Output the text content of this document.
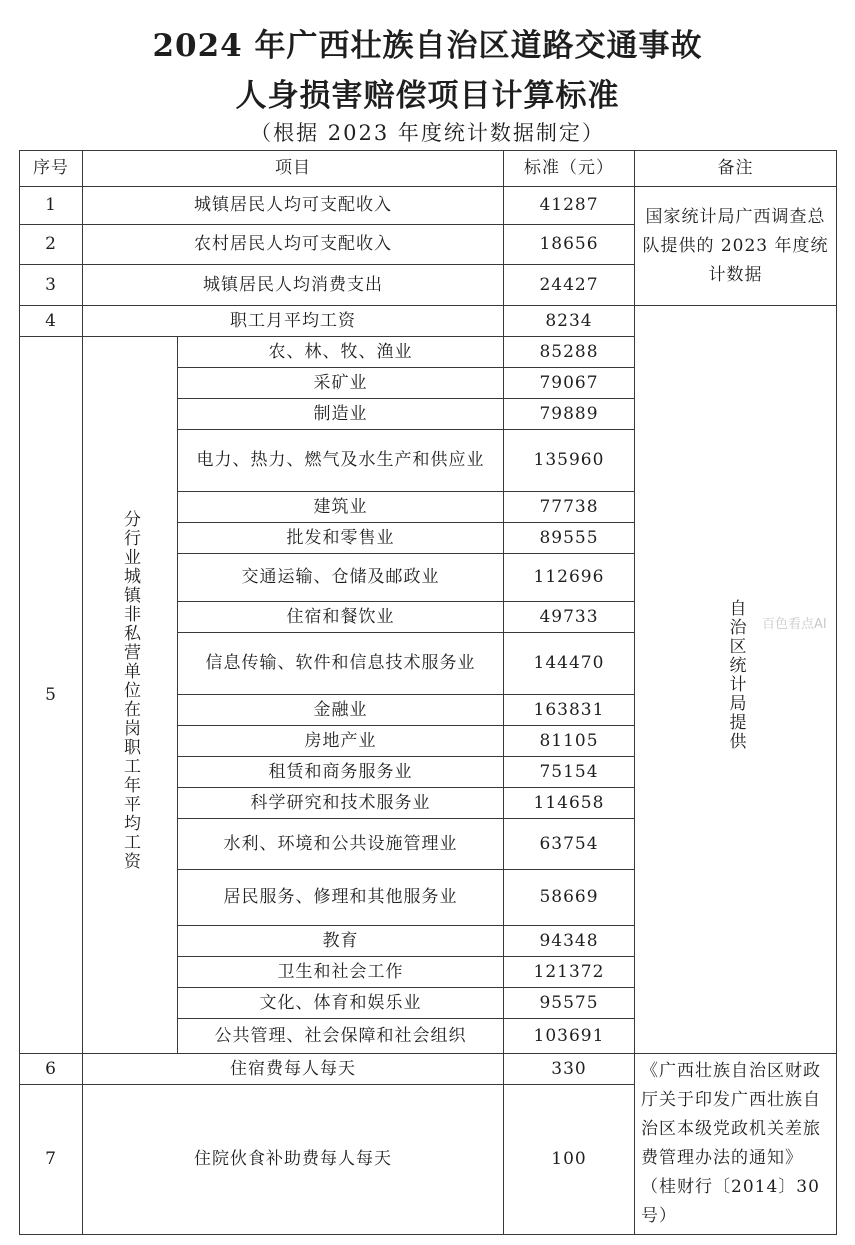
2024 年广西壮族自治区道路交通事故
人身损害赔偿项目计算标准
（根据 2023 年度统计数据制定）
序号	项目		标准（元）	备注
1	城镇居民人均可支配收入		41287	国家统计局广西调查总队提供的 2023 年度统计数据
2	农村居民人均可支配收入		18656	
3	城镇居民人均消费支出		24427	
4	职工月平均工资		8234	自治区统计局提供
5	分行业城镇非私营单位在岗职工年平均工资	农、林、牧、渔业	85288	
		采矿业	79067	
		制造业	79889	
		电力、热力、燃气及水生产和供应业	135960	
		建筑业	77738	
		批发和零售业	89555	
		交通运输、仓储及邮政业	112696	
		住宿和餐饮业	49733	
		信息传输、软件和信息技术服务业	144470	
		金融业	163831	
		房地产业	81105	
		租赁和商务服务业	75154	
		科学研究和技术服务业	114658	
		水利、环境和公共设施管理业	63754	
		居民服务、修理和其他服务业	58669	
		教育	94348	
		卫生和社会工作	121372	
		文化、体育和娱乐业	95575	
		公共管理、社会保障和社会组织	103691	
6	住宿费每人每天		330	《广西壮族自治区财政厅关于印发广西壮族自治区本级党政机关差旅费管理办法的通知》（桂财行〔2014〕30 号）
7	住院伙食补助费每人每天		100	
百色看点AI
